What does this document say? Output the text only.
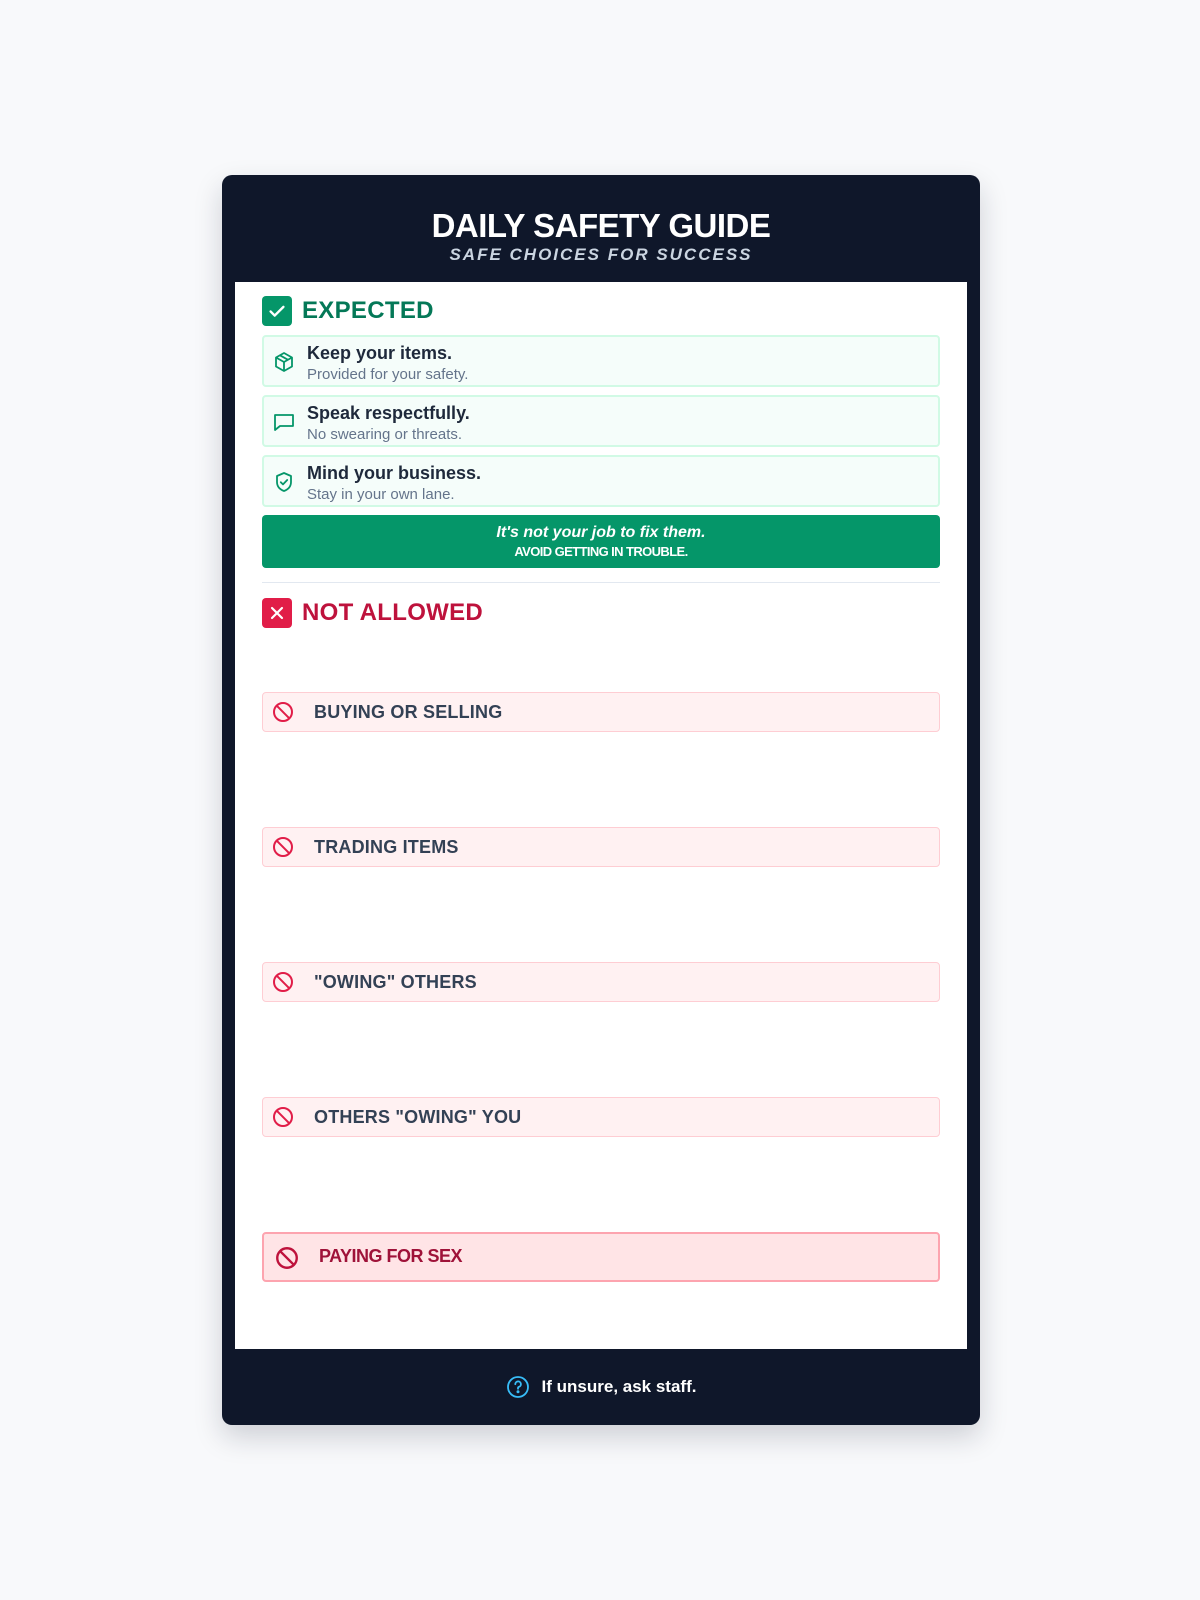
DAILY SAFETY GUIDE
SAFE CHOICES FOR SUCCESS
EXPECTED
Keep your items.
Provided for your safety.
Speak respectfully.
No swearing or threats.
Mind your business.
Stay in your own lane.
It's not your job to fix them.
AVOID GETTING IN TROUBLE.
NOT ALLOWED
BUYING OR SELLING
TRADING ITEMS
"OWING" OTHERS
OTHERS "OWING" YOU
PAYING FOR SEX
If unsure, ask staff.
